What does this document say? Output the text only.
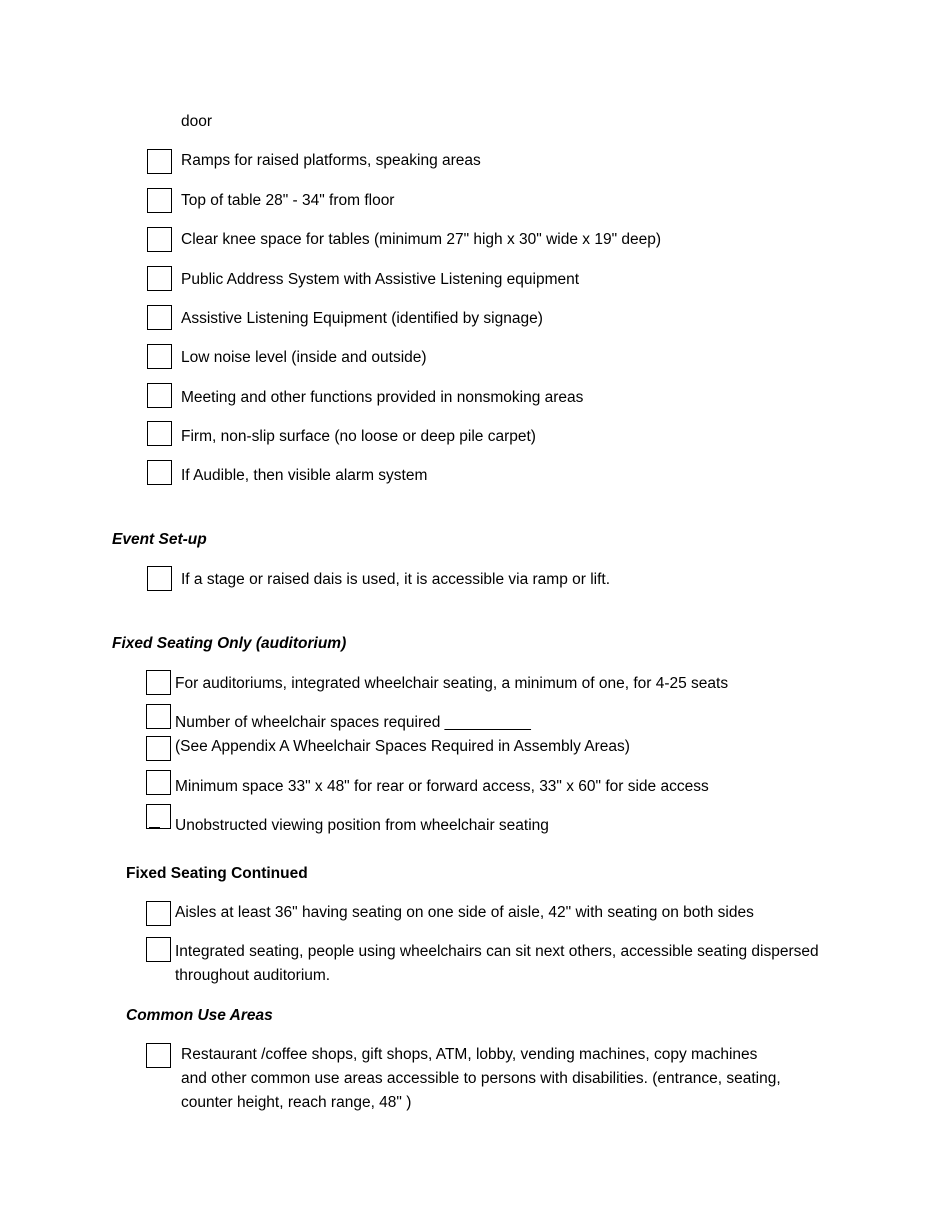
door
Ramps for raised platforms, speaking areas
Top of table 28" - 34" from floor
Clear knee space for tables (minimum 27" high x 30" wide x 19" deep)
Public Address System with Assistive Listening equipment
Assistive Listening Equipment (identified by signage)
Low noise level (inside and outside)
Meeting and other functions provided in nonsmoking areas
Firm, non-slip surface (no loose or deep pile carpet)
If Audible, then visible alarm system
Event Set-up
If a stage or raised dais is used, it is accessible via ramp or lift.
Fixed Seating Only (auditorium)
For auditoriums, integrated wheelchair seating, a minimum of one, for 4-25 seats
Number of wheelchair spaces required __________
(See Appendix A Wheelchair Spaces Required in Assembly Areas)
Minimum space 33" x 48" for rear or forward access, 33" x 60" for side access
Unobstructed viewing position from wheelchair seating
Fixed Seating Continued
Aisles at least 36" having seating on one side of aisle, 42" with seating on both sides
Integrated seating, people using wheelchairs can sit next others, accessible seating dispersed
throughout auditorium.
Common Use Areas
Restaurant /coffee shops, gift shops, ATM, lobby, vending machines, copy machines
and other common use areas accessible to persons with disabilities. (entrance, seating,
counter height, reach range, 48" )
